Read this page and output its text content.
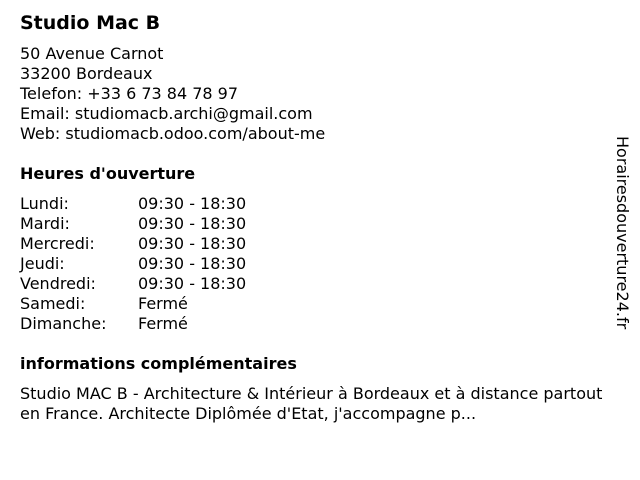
Studio Mac B
50 Avenue Carnot
33200 Bordeaux
Telefon: +33 6 73 84 78 97
Email: studiomacb.archi@gmail.com
Web: studiomacb.odoo.com/about-me
Heures d'ouverture
Lundi:	09:30 - 18:30
Mardi:	09:30 - 18:30
Mercredi:	09:30 - 18:30
Jeudi:	09:30 - 18:30
Vendredi:	09:30 - 18:30
Samedi:	Fermé
Dimanche: Fermé
informations complémentaires
Studio MAC B - Architecture & Intérieur à Bordeaux et à distance partout en France. Architecte Diplômée d'Etat, j'accompagne p...
Horairesdouverture24.fr
